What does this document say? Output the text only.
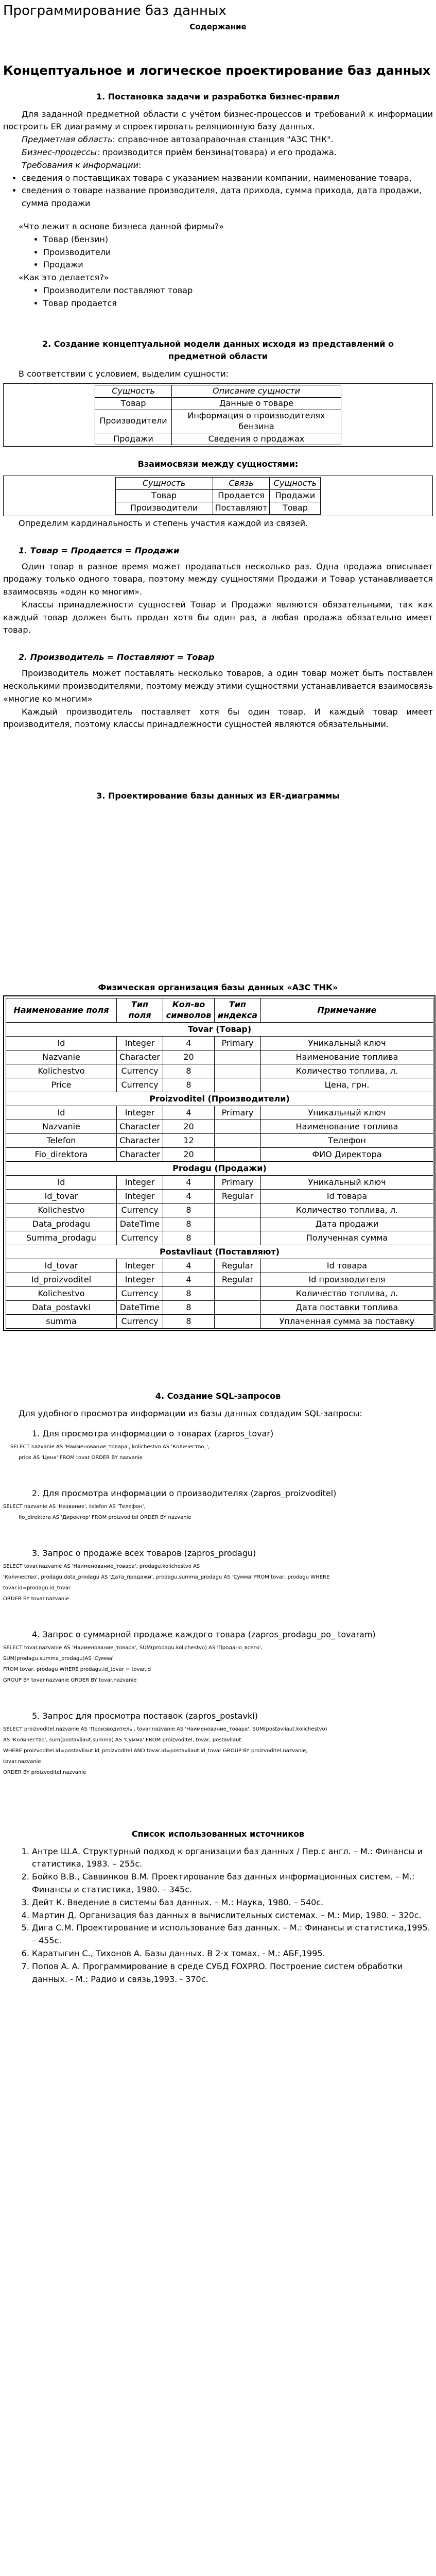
Программирование баз данных
Содержание
Концептуальное и логическое проектирование баз данных
1. Постановка задачи и разработка бизнес-правил

Для заданной предметной области с учётом бизнес-процессов и требований к информации построить ER диаграмму и спроектировать реляционную базу данных.

Предметная область: справочное автозаправочная станция "АЗС ТНК".

Бизнес-процессы: производится приём бензина(товара) и его продажа.

Требования к информации:

• сведения о поставщиках товара с указанием названии компании, наименование товара,
• сведения о товаре название производителя, дата прихода, сумма прихода, дата продажи, сумма продажи

«Что лежит в основе бизнеса данной фирмы?»

• Товар (бензин)
• Производители
• Продажи

«Как это делается?»

• Производители поставляют товар
• Товар продается
2. Создание концептуальной модели данных исходя из представлений о предметной области

В соответствии с условием, выделим сущности:

Сущность	Описание сущности
Товар	Данные о товаре
Производители	Информация о производителях бензина
Продажи	Сведения о продажах
Взаимосвязи между сущностями:
Сущность	Связь	Сущность
Товар	Продается	Продажи
Производители	Поставляют	Товар

Определим кардинальность и степень участия каждой из связей.

1. Товар = Продается = Продажи

Один товар в разное время может продаваться несколько раз. Одна продажа описывает продажу только одного товара, поэтому между сущностями Продажи и Товар устанавливается взаимосвязь «один ко многим».

Классы принадлежности сущностей Товар и Продажи являются обязательными, так как каждый товар должен быть продан хотя бы один раз, а любая продажа обязательно имеет товар.

2. Производитель = Поставляют = Товар

Производитель может поставлять несколько товаров, а один товар может быть поставлен несколькими производителями, поэтому между этими сущностями устанавливается взаимосвязь «многие ко многим»

Каждый производитель поставляет хотя бы один товар. И каждый товар имеет производителя, поэтому классы принадлежности сущностей являются обязательными.

3. Проектирование базы данных из ER-диаграммы
Физическая организация базы данных «АЗС ТНК»
Наименование поля	Тип поля	Кол-во символов	Тип индекса	Примечание
Tovar (Товар)				
Id	Integer	4	Primary	Уникальный ключ
Nazvanie	Character	20		Наименование топлива
Kolichestvo	Currency	8		Количество топлива, л.
Price	Currency	8		Цена, грн.
Proizvoditel (Производители)				
Id	Integer	4	Primary	Уникальный ключ
Nazvanie	Character	20		Наименование топлива
Telefon	Character	12		Телефон
Fio_direktora	Character	20		ФИО Директора
Prodagu (Продажи)				
Id	Integer	4	Primary	Уникальный ключ
Id_tovar	Integer	4	Regular	Id товара
Kolichestvo	Currency	8		Количество топлива, л.
Data_prodagu	DateTime	8		Дата продажи
Summa_prodagu	Currency	8		Полученная сумма
Postavliaut (Поставляют)				
Id_tovar	Integer	4	Regular	Id товара
Id_proizvoditel	Integer	4	Regular	Id производителя
Kolichestvo	Currency	8		Количество топлива, л.
Data_postavki	DateTime	8		Дата поставки топлива
summa	Currency	8		Уплаченная сумма за поставку
4. Создание SQL-запросов

Для удобного просмотра информации из базы данных создадим SQL-запросы:

1. Для просмотра информации о товарах (zapros_tovar)
SELECT nazvanie AS 'Наименование_товара', kolichestvo AS 'Количество_',
price AS 'Цена' FROM tovar ORDER BY nazvanie
2. Для просмотра информации о производителях (zapros_proizvoditel)
SELECT nazvanie AS 'Название', telefon AS 'Телефон',
fio_direktora AS 'Директор' FROM proizvoditel ORDER BY nazvanie
3. Запрос о продаже всех товаров (zapros_prodagu)
SELECT tovar.nazvanie AS 'Наименование_товара', prodagu.kolichestvo AS
'Количество', prodagu.data_prodagu AS 'Дата_продажи', prodagu.summa_prodagu AS 'Сумма' FROM tovar, prodagu WHERE
tovar.id=prodagu.id_tovar
ORDER BY tovar.nazvanie
4. Запрос о суммарной продаже каждого товара (zapros_prodagu_po_ tovaram)
SELECT tovar.nazvanie AS 'Наименование_товара', SUM(prodagu.kolichestvo) AS 'Продано_всего',
SUM(prodagu.summa_prodagu)AS 'Сумма'
FROM tovar, prodagu WHERE prodagu.id_tovar = tovar.id
GROUP BY tovar.nazvanie ORDER BY tovar.nazvanie
5. Запрос для просмотра поставок (zapros_postavki)
SELECT proizvoditel.nazvanie AS 'Производитель', tovar.nazvanie AS 'Наименование_товара', SUM(postavliaut.kolichestvo)
AS 'Количество', sum(postavliaut.summa) AS 'Сумма' FROM proizvoditel, tovar, postavliaut
WHERE proizvoditel.id=postavliaut.id_proizvoditel AND tovar.id=postavliaut.id_tovar GROUP BY proizvoditel.nazvanie,
tovar.nazvanie
ORDER BY proizvoditel.nazvanie
Список использованных источников
1. Антре Ш.А. Структурный подход к организации баз данных / Пер.с англ. – М.: Финансы и статистика, 1983. – 255с.
2. Бойко В.В., Саввинков В.М. Проектирование баз данных информационных систем. – М.: Финансы и статистика, 1980. – 345с.
3. Дейт К. Введение в системы баз данных. – М.: Наука, 1980. – 540с.
4. Мартин Д. Организация баз данных в вычислительных системах. – М.: Мир, 1980. – 320с.
5. Дига С.М. Проектирование и использование баз данных. – М.: Финансы и статистика,1995. – 455с.
6. Каратыгин С., Тихонов А. Базы данных. В 2-х томах. - М.: АБF,1995.
7. Попов А. А. Программирование в среде СУБД FOXPRO. Построение систем обработки данных. - М.: Радио и связь,1993. - 370с.
